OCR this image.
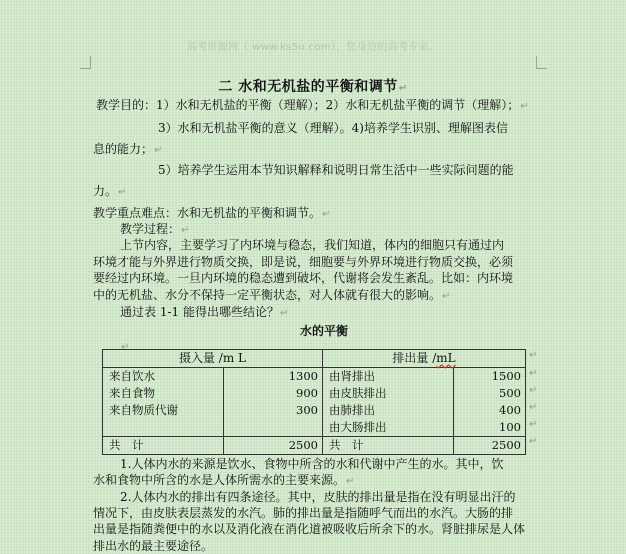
高考资源网（ www.ks5u.com），您身边的高考专家。
二 水和无机盐的平衡和调节↵
教学目的：1）水和无机盐的平衡（理解）；2）水和无机盐平衡的调节（理解）；↵
3）水和无机盐平衡的意义（理解）。4)培养学生识别、理解图表信
息的能力；↵
5）培养学生运用本节知识解释和说明日常生活中一些实际问题的能
力。↵
教学重点难点：水和无机盐的平衡和调节。↵
教学过程：↵
上节内容，主要学习了内环境与稳态，我们知道，体内的细胞只有通过内
环境才能与外界进行物质交换，即是说，细胞要与外界环境进行物质交换，必须
要经过内环境。一旦内环境的稳态遭到破坏，代谢将会发生紊乱。比如：内环境
中的无机盐、水分不保持一定平衡状态，对人体就有很大的影响。↵
通过表 1-1 能得出哪些结论？↵
水的平衡
↵
摄入量 /m L		排出量 /mL	
来自饮水	1300	由肾排出	1500
来自食物	900	由皮肤排出	500
来自物质代谢	300	由肺排出	400
		由大肠排出	100
共　计	2500	共　计	2500
↵
↵
↵
↵
↵
↵
1.人体内水的来源是饮水、食物中所含的水和代谢中产生的水。其中，饮
水和食物中所含的水是人体所需水的主要来源。↵
2.人体内水的排出有四条途径。其中，皮肤的排出量是指在没有明显出汗的
情况下，由皮肤表层蒸发的水汽。肺的排出量是指随呼气而出的水汽。大肠的排
出量是指随粪便中的水以及消化液在消化道被吸收后所余下的水。肾脏排尿是人体
排出水的最主要途径。
